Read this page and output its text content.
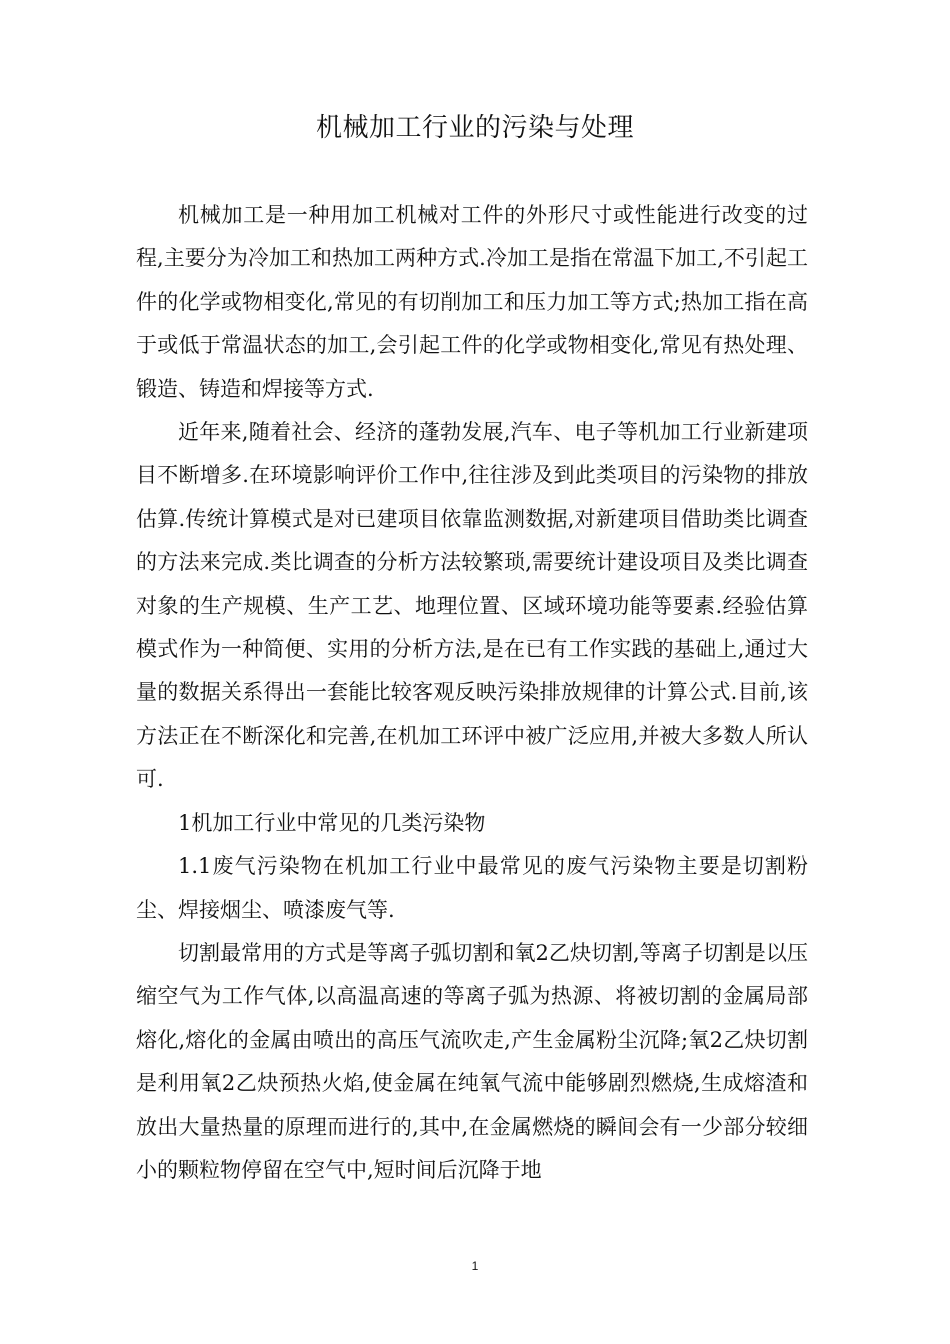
机械加工行业的污染与处理

机械加工是一种用加工机械对工件的外形尺寸或性能进行改变的过程,主要分为冷加工和热加工两种方式.冷加工是指在常温下加工,不引起工件的化学或物相变化,常见的有切削加工和压力加工等方式;热加工指在高于或低于常温状态的加工,会引起工件的化学或物相变化,常见有热处理、锻造、铸造和焊接等方式.

近年来,随着社会、经济的蓬勃发展,汽车、电子等机加工行业新建项目不断增多.在环境影响评价工作中,往往涉及到此类项目的污染物的排放估算.传统计算模式是对已建项目依靠监测数据,对新建项目借助类比调查的方法来完成.类比调查的分析方法较繁琐,需要统计建设项目及类比调查对象的生产规模、生产工艺、地理位置、区域环境功能等要素.经验估算模式作为一种简便、实用的分析方法,是在已有工作实践的基础上,通过大量的数据关系得出一套能比较客观反映污染排放规律的计算公式.目前,该方法正在不断深化和完善,在机加工环评中被广泛应用,并被大多数人所认可.

1机加工行业中常见的几类污染物

1.1废气污染物在机加工行业中最常见的废气污染物主要是切割粉尘、焊接烟尘、喷漆废气等.

切割最常用的方式是等离子弧切割和氧2乙炔切割,等离子切割是以压缩空气为工作气体,以高温高速的等离子弧为热源、将被切割的金属局部熔化,熔化的金属由喷出的高压气流吹走,产生金属粉尘沉降;氧2乙炔切割是利用氧2乙炔预热火焰,使金属在纯氧气流中能够剧烈燃烧,生成熔渣和放出大量热量的原理而进行的,其中,在金属燃烧的瞬间会有一少部分较细小的颗粒物停留在空气中,短时间后沉降于地

1
